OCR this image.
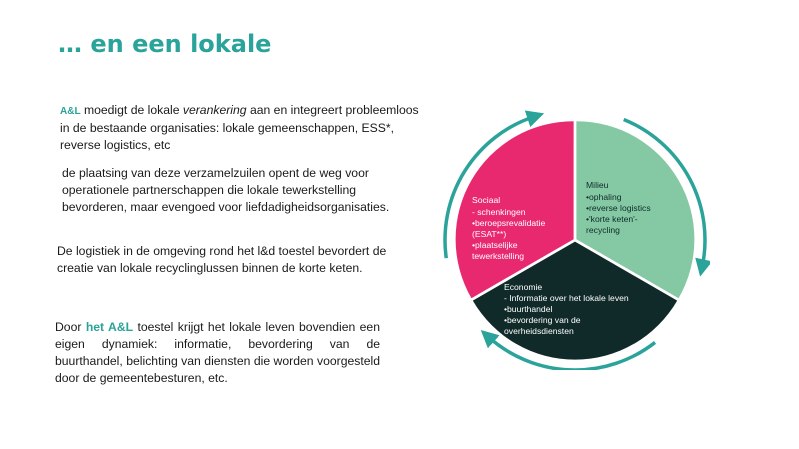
… en een lokale
A&L moedigt de lokale verankering aan en integreert probleemloos in de bestaande organisaties: lokale gemeenschappen, ESS*, reverse logistics, etc
de plaatsing van deze verzamelzuilen opent de weg voor operationele partnerschappen die lokale tewerkstelling bevorderen, maar evengoed voor liefdadigheidsorganisaties.
De logistiek in de omgeving rond het l&d toestel bevordert de creatie van lokale recyclinglussen binnen de korte keten.
Door het A&L toestel krijgt het lokale leven bovendien een eigen dynamiek: informatie, bevordering van de buurthandel, belichting van diensten die worden voorgesteld door de gemeentebesturen, etc.
Sociaal - schenkingen •beroepsrevalidatie (ESAT**) •plaatselijke tewerkstelling
Milieu •ophaling •reverse logistics •'korte keten'- recycling
Economie - Informatie over het lokale leven •buurthandel •bevordering van de overheidsdiensten
